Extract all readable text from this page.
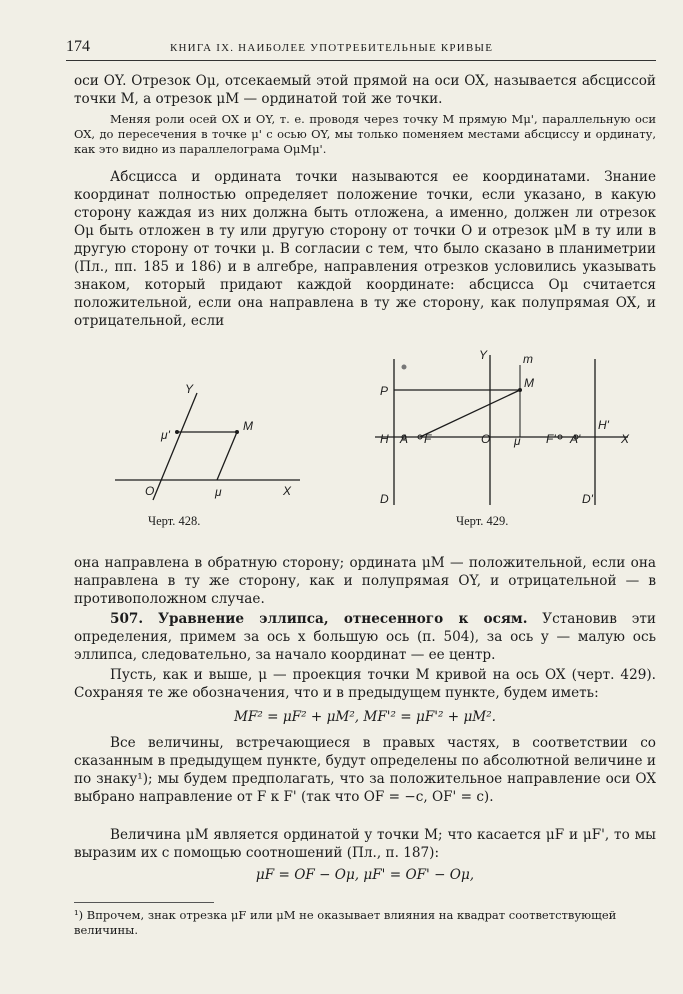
174	КНИГА IX. НАИБОЛЕЕ УПОТРЕБИТЕЛЬНЫЕ КРИВЫЕ

оси OY. Отрезок Oμ, отсекаемый этой прямой на оси OX, называется абсциссой точки M, а отрезок μM — ординатой той же точки.

Меняя роли осей OX и OY, т. е. проводя через точку M прямую Mμ', параллельную оси OX, до пересечения в точке μ' с осью OY, мы только поменяем местами абсциссу и ординату, как это видно из параллелограма OμMμ'.

Абсцисса и ордината точки называются ее координатами. Знание координат полностью определяет положение точки, если указано, в какую сторону каждая из них должна быть отложена, а именно, должен ли отрезок Oμ быть отложен в ту или другую сторону от точки O и отрезок μM в ту или в другую сторону от точки μ. В согласии с тем, что было сказано в планиметрии (Пл., пп. 185 и 186) и в алгебре, направления отрезков условились указывать знаком, который придают каждой координате: абсцисса Oμ считается положительной, если она направлена в ту же сторону, как полупрямая OX, и отрицательной, если

Y
μ'
M
O	μ	X
Черт. 428.
Y	m
P
M
H A F	O μ F' A'
H'
X
D	D'
Черт. 429.

она направлена в обратную сторону; ордината μM — положительной, если она направлена в ту же сторону, как и полупрямая OY, и отрицательной — в противоположном случае.

507. Уравнение эллипса, отнесенного к осям. Установив эти определения, примем за ось x большую ось (п. 504), за ось y — малую ось эллипса, следовательно, за начало координат — ее центр.

Пусть, как и выше, μ — проекция точки M кривой на ось OX (черт. 429). Сохраняя те же обозначения, что и в предыдущем пункте, будем иметь:

MF² = μF² + μM², MF'² = μF'² + μM².

Все величины, встречающиеся в правых частях, в соответствии со сказанным в предыдущем пункте, будут определены по абсолютной величине и по знаку¹); мы будем предполагать, что за положительное направление оси OX выбрано направление от F к F' (так что OF = −c, OF' = c).

Величина μM является ординатой y точки M; что касается μF и μF', то мы выразим их с помощью соотношений (Пл., п. 187):

μF = OF − Oμ, μF' = OF' − Oμ,
¹) Впрочем, знак отрезка μF или μM не оказывает влияния на квадрат соответствующей величины.
